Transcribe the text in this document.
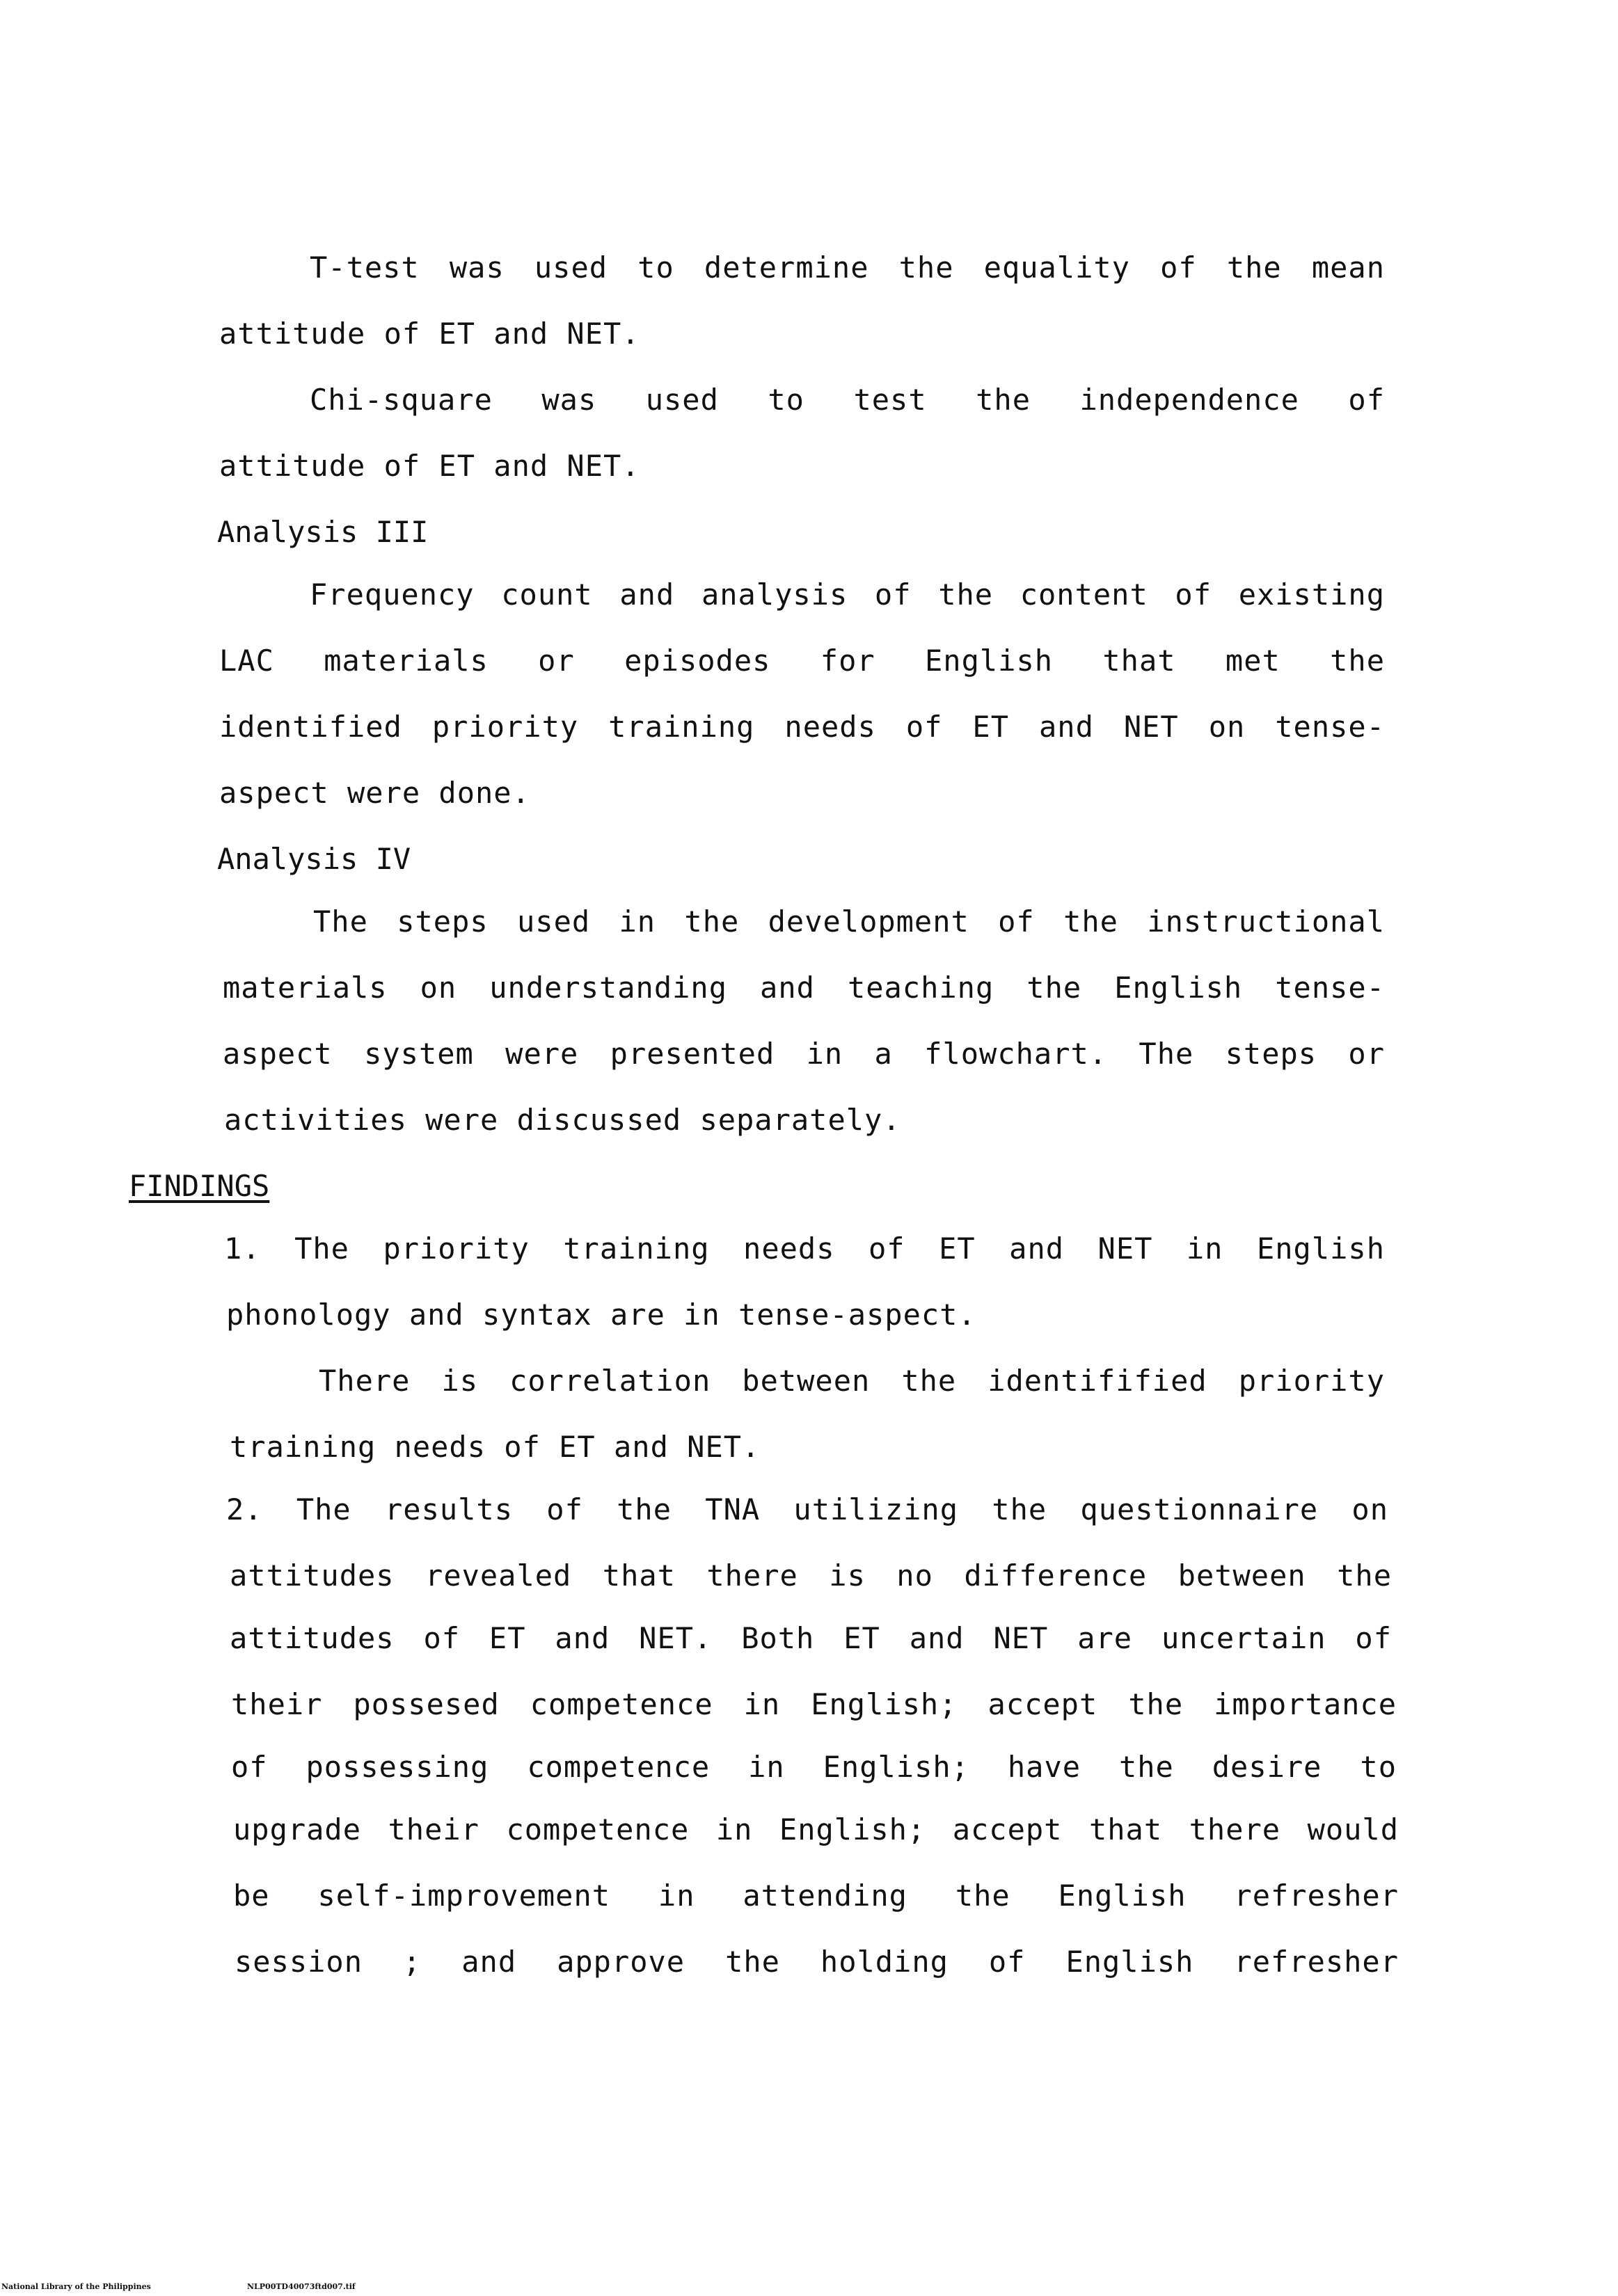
T-test was used to determine the equality of the mean
attitude of ET and NET.
Chi-square was used to test the independence of
attitude of ET and NET.
Analysis III
Frequency count and analysis of the content of existing
LAC materials or episodes for English that met the
identified priority training needs of ET and NET on tense-
aspect were done.
Analysis IV
The steps used in the development of the instructional
materials on understanding and teaching the English tense-
aspect system were presented in a flowchart. The steps or
activities were discussed separately.
FINDINGS
1. The priority training needs of ET and NET in English
phonology and syntax are in tense-aspect.
There is correlation between the identifified priority
training needs of ET and NET.
2. The results of the TNA utilizing the questionnaire on
attitudes revealed that there is no difference between the
attitudes of ET and NET. Both ET and NET are uncertain of
their possesed competence in English; accept the importance
of possessing competence in English; have the desire to
upgrade their competence in English; accept that there would
be self-improvement in attending the English refresher
session ; and approve the holding of English refresher
National Library of the Philippines	NLP00TD40073ftd007.tif
